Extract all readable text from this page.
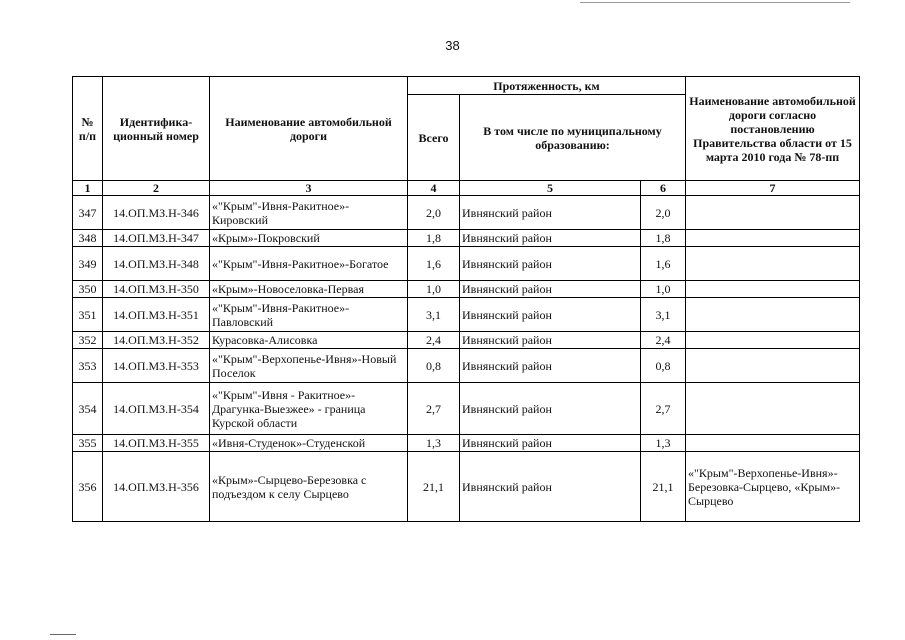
38
№ п/п	Идентифика-ционный номер	Наименование автомобильной дороги	Протяженность, км			Наименование автомобильной дороги согласно постановлению Правительства области от 15 марта 2010 года № 78-пп
			Всего	В том числе по муниципальному образованию:		
1	2	3	4	5	6	7
347	14.ОП.МЗ.Н-346	«"Крым"-Ивня-Ракитное»-Кировский	2,0	Ивнянский район	2,0	
348	14.ОП.МЗ.Н-347	«Крым»-Покровский	1,8	Ивнянский район	1,8	
349	14.ОП.МЗ.Н-348	«"Крым"-Ивня-Ракитное»-Богатое	1,6	Ивнянский район	1,6	
350	14.ОП.МЗ.Н-350	«Крым»-Новоселовка-Первая	1,0	Ивнянский район	1,0	
351	14.ОП.МЗ.Н-351	«"Крым"-Ивня-Ракитное»-Павловский	3,1	Ивнянский район	3,1	
352	14.ОП.МЗ.Н-352	Курасовка-Алисовка	2,4	Ивнянский район	2,4	
353	14.ОП.МЗ.Н-353	«"Крым"-Верхопенье-Ивня»-Новый Поселок	0,8	Ивнянский район	0,8	
354	14.ОП.МЗ.Н-354	«"Крым"-Ивня - Ракитное»-Драгунка-Выезжее» - граница Курской области	2,7	Ивнянский район	2,7	
355	14.ОП.МЗ.Н-355	«Ивня-Студенок»-Студенской	1,3	Ивнянский район	1,3	
356	14.ОП.МЗ.Н-356	«Крым»-Сырцево-Березовка с подъездом к селу Сырцево	21,1	Ивнянский район	21,1	«"Крым"-Верхопенье-Ивня»-Березовка-Сырцево, «Крым»-Сырцево
